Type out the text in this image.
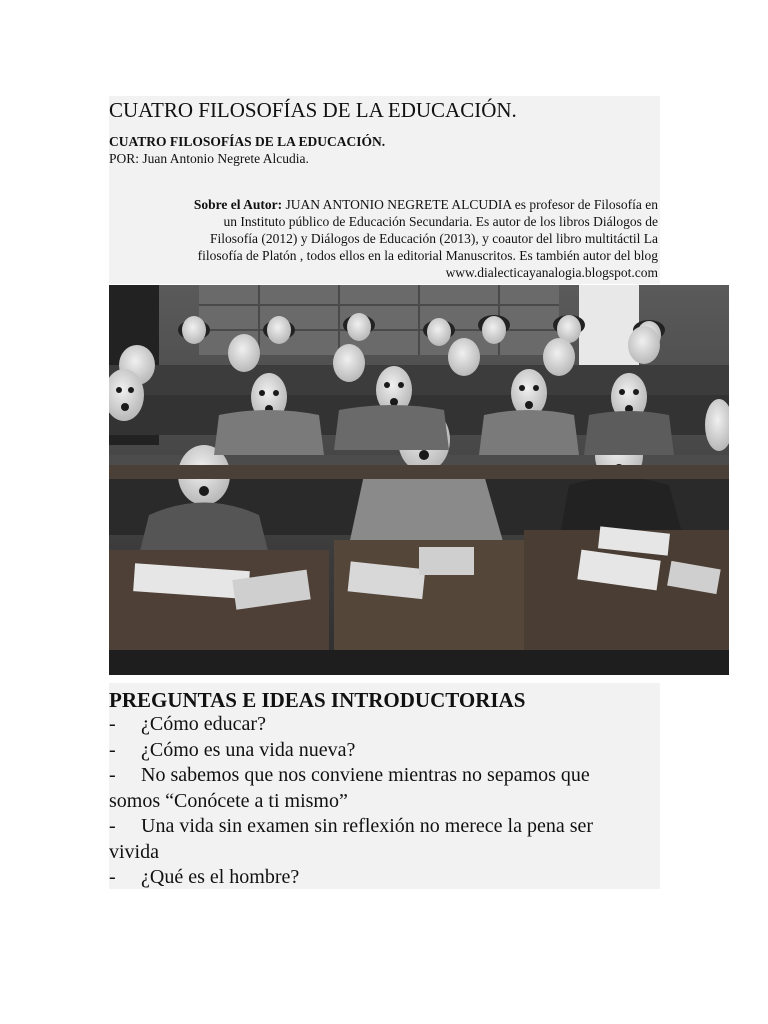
CUATRO FILOSOFÍAS DE LA EDUCACIÓN.
CUATRO FILOSOFÍAS DE LA EDUCACIÓN.
POR: Juan Antonio Negrete Alcudia.
Sobre el Autor: JUAN ANTONIO NEGRETE ALCUDIA es profesor de Filosofía en
un Instituto público de Educación Secundaria. Es autor de los libros Diálogos de
Filosofía (2012) y Diálogos de Educación (2013), y coautor del libro multitáctil La
filosofía de Platón , todos ellos en la editorial Manuscritos. Es también autor del blog
www.dialecticayanalogia.blogspot.com
PREGUNTAS E IDEAS INTRODUCTORIAS
- ¿Cómo educar?
- ¿Cómo es una vida nueva?
- No sabemos que nos conviene mientras no sepamos que
somos “Conócete a ti mismo”
- Una vida sin examen sin reflexión no merece la pena ser
vivida
- ¿Qué es el hombre?
